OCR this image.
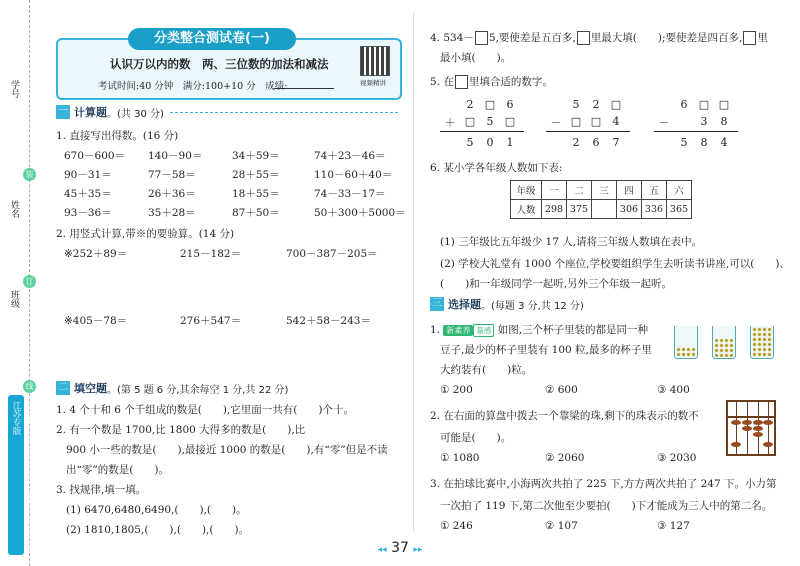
学号
姓名
班级
装
订
线
全品优计大试卷 数学二年级 下册 江苏版 江苏专版
认识万以内的数　两、三位数的加法和减法
考试时间:40 分钟　满分:100+10 分　成绩:
分类整合测试卷(一)
视频精讲
一 计算题 。(共 30 分)
1. 直接写出得数。(16 分)
670－600＝ 140－90＝	34＋59＝	74＋23－46＝
90－31＝	77－58＝	28＋55＝	110－60＋40＝
45＋35＝	26＋36＝	18＋55＝	74－33－17＝
93－36＝	35＋28＝	87＋50＝	50＋300＋5000＝
2. 用竖式计算,带※的要验算。(14 分)
※252＋89＝	215－182＝	700－387－205＝
※405－78＝	276＋547＝	542＋58－243＝
二 填空题 。(第 5 题 6 分,其余每空 1 分,共 22 分)
1. 4 个十和 6 个千组成的数是(　　),它里面一共有(　　)个十。
2. 有一个数是 1700,比 1800 大得多的数是(　　),比
900 小一些的数是(　　),最接近 1000 的数是(　　),有“零”但是不读
出“零”的数是(　　)。
3. 找规律,填一填。
(1) 6470,6480,6490,(　　),(　　)。
(2) 1810,1805,(　　),(　　),(　　)。
4. 534－ 5,要使差是五百多, 里最大填(　　);要使差是四百多, 里
最小填(　　)。
5. 在 里填合适的数字。
2	□	6
＋ □	5	□
5	0	1
5	2	□
－ □ □	4
2	6	7
6	□ □
－	3	8
5	8	4
6. 某小学各年级人数如下表:
年级	一	二	三	四	五	六
人数	298	375		306	336	365
(1) 三年级比五年级少 17 人,请将三年级人数填在表中。
(2) 学校大礼堂有 1000 个座位,学校要组织学生去听读书讲座,可以(　　)、
(　　)和一年级同学一起听,另外三个年级一起听。
三 选择题 。(每题 3 分,共 12 分)
1. 新素养 量感 如图,三个杯子里装的都是同一种
豆子,最少的杯子里装有 100 粒,最多的杯子里
大约装有(　　)粒。
① 200	② 600	③ 400
2. 在右面的算盘中拨去一个靠梁的珠,剩下的珠表示的数不
可能是(　　)。
① 1080	② 2060	③ 2030
3. 在拍球比赛中,小海两次共拍了 225 下,方方两次共拍了 247 下。小力第
一次拍了 119 下,第二次他至少要拍(　　)下才能成为三人中的第二名。
① 246	② 107	③ 127
◂◂ 37 ▸▸
